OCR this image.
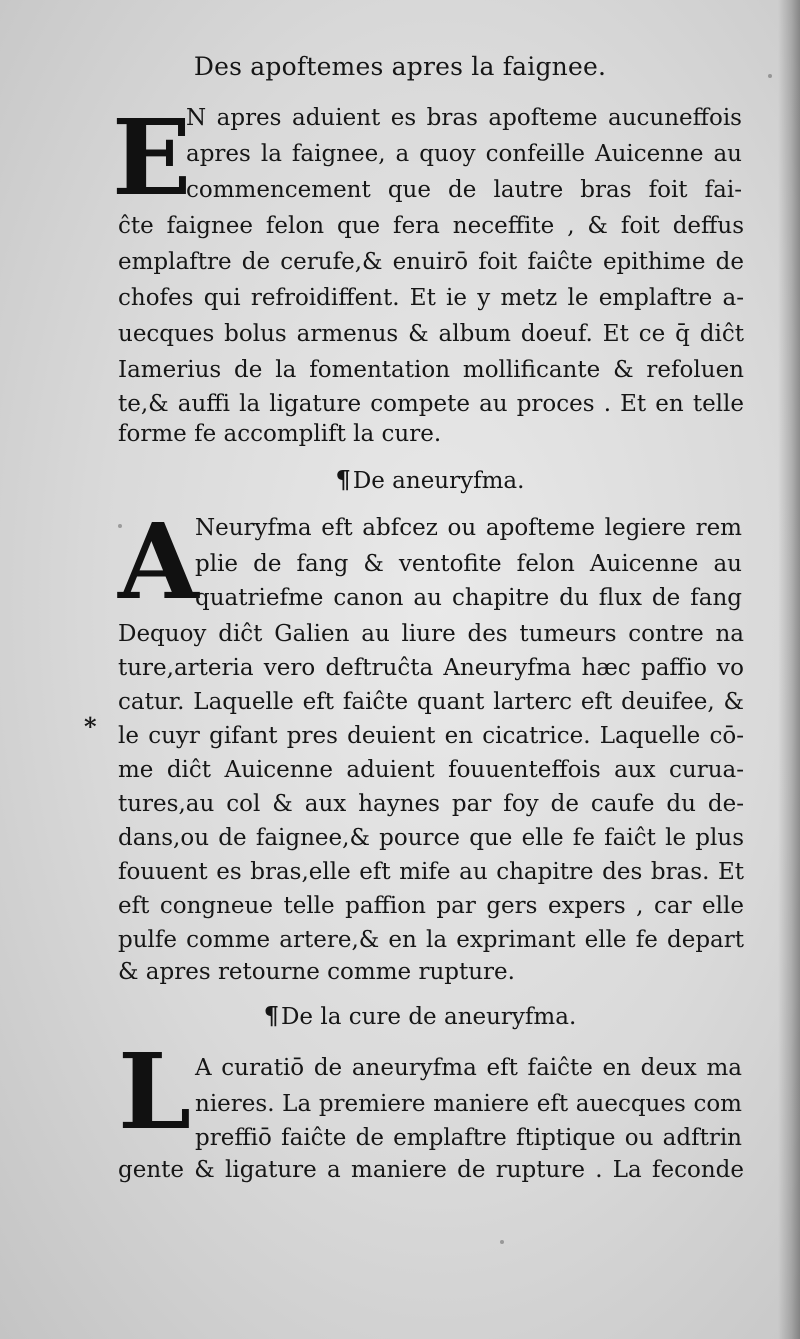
Des apoftemes apres la faignee.
E
N apres aduient es bras apofteme aucuneffois
apres la faignee, a quoy confeille Auicenne au
commencement que de lautre bras foit fai-
ĉte faignee felon que fera neceffite , & foit deffus
emplaftre de cerufe,& enuirō foit faiĉte epithime de
chofes qui refroidiffent. Et ie y metz le emplaftre a-
uecques bolus armenus & album doeuf. Et ce q̄ diĉt
Iamerius de la fomentation mollificante & refoluen
te,& auffi la ligature compete au proces . Et en telle
forme fe accomplift la cure.
¶De aneuryfma.
A
Neuryfma eft abfcez ou apofteme legiere rem
plie de fang & ventofite felon Auicenne au
quatriefme canon au chapitre du flux de fang
Dequoy diĉt Galien au liure des tumeurs contre na
ture,arteria vero deftruĉta Aneuryfma hæc paffio vo
catur. Laquelle eft faiĉte quant larterc eft deuifee, &
* le cuyr gifant pres deuient en cicatrice. Laquelle cō-
me diĉt Auicenne aduient fouuenteffois aux curua-
tures,au col & aux haynes par foy de caufe du de-
dans,ou de faignee,& pource que elle fe faiĉt le plus
fouuent es bras,elle eft mife au chapitre des bras. Et
eft congneue telle paffion par gers expers , car elle
pulfe comme artere,& en la exprimant elle fe depart
& apres retourne comme rupture.
¶De la cure de aneuryfma.
L A curatiō de aneuryfma eft faiĉte en deux ma
nieres. La premiere maniere eft auecques com
preffiō faiĉte de emplaftre ftiptique ou adftrin
gente & ligature a maniere de rupture . La feconde
